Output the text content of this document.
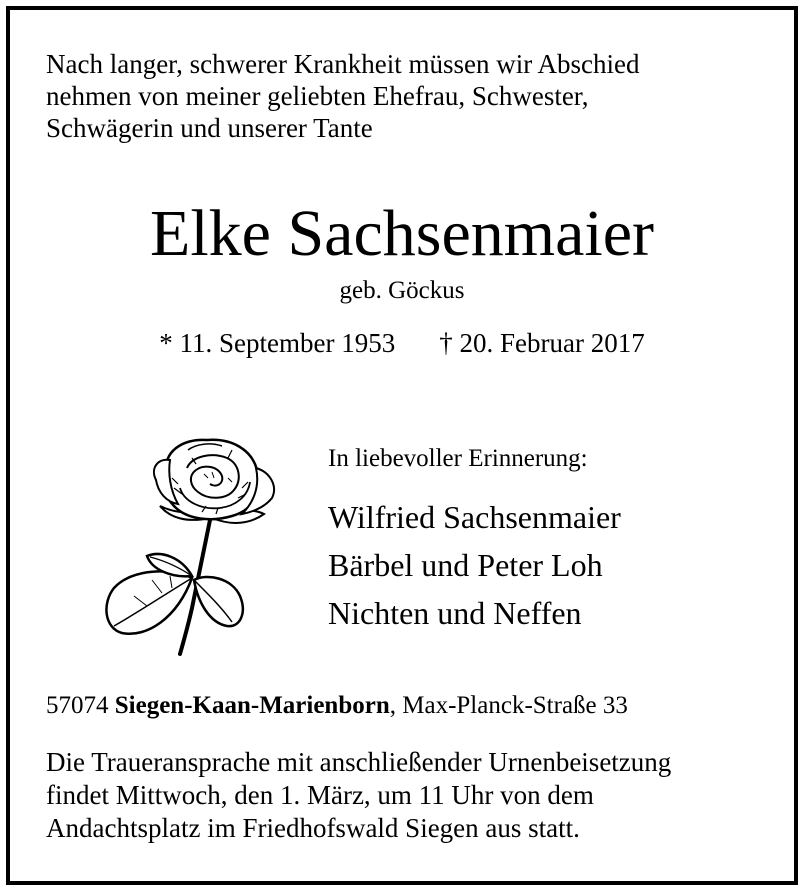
Nach langer, schwerer Krankheit müssen wir Abschied
nehmen von meiner geliebten Ehefrau, Schwester,
Schwägerin und unserer Tante

Elke Sachsenmaier
geb. Göckus
* 11. September 1953 † 20. Februar 2017
In liebevoller Erinnerung:
Wilfried Sachsenmaier
Bärbel und Peter Loh
Nichten und Neffen
57074 Siegen-Kaan-Marienborn, Max-Planck-Straße 33
Die Traueransprache mit anschließender Urnenbeisetzung
findet Mittwoch, den 1. März, um 11 Uhr von dem
Andachtsplatz im Friedhofswald Siegen aus statt.
